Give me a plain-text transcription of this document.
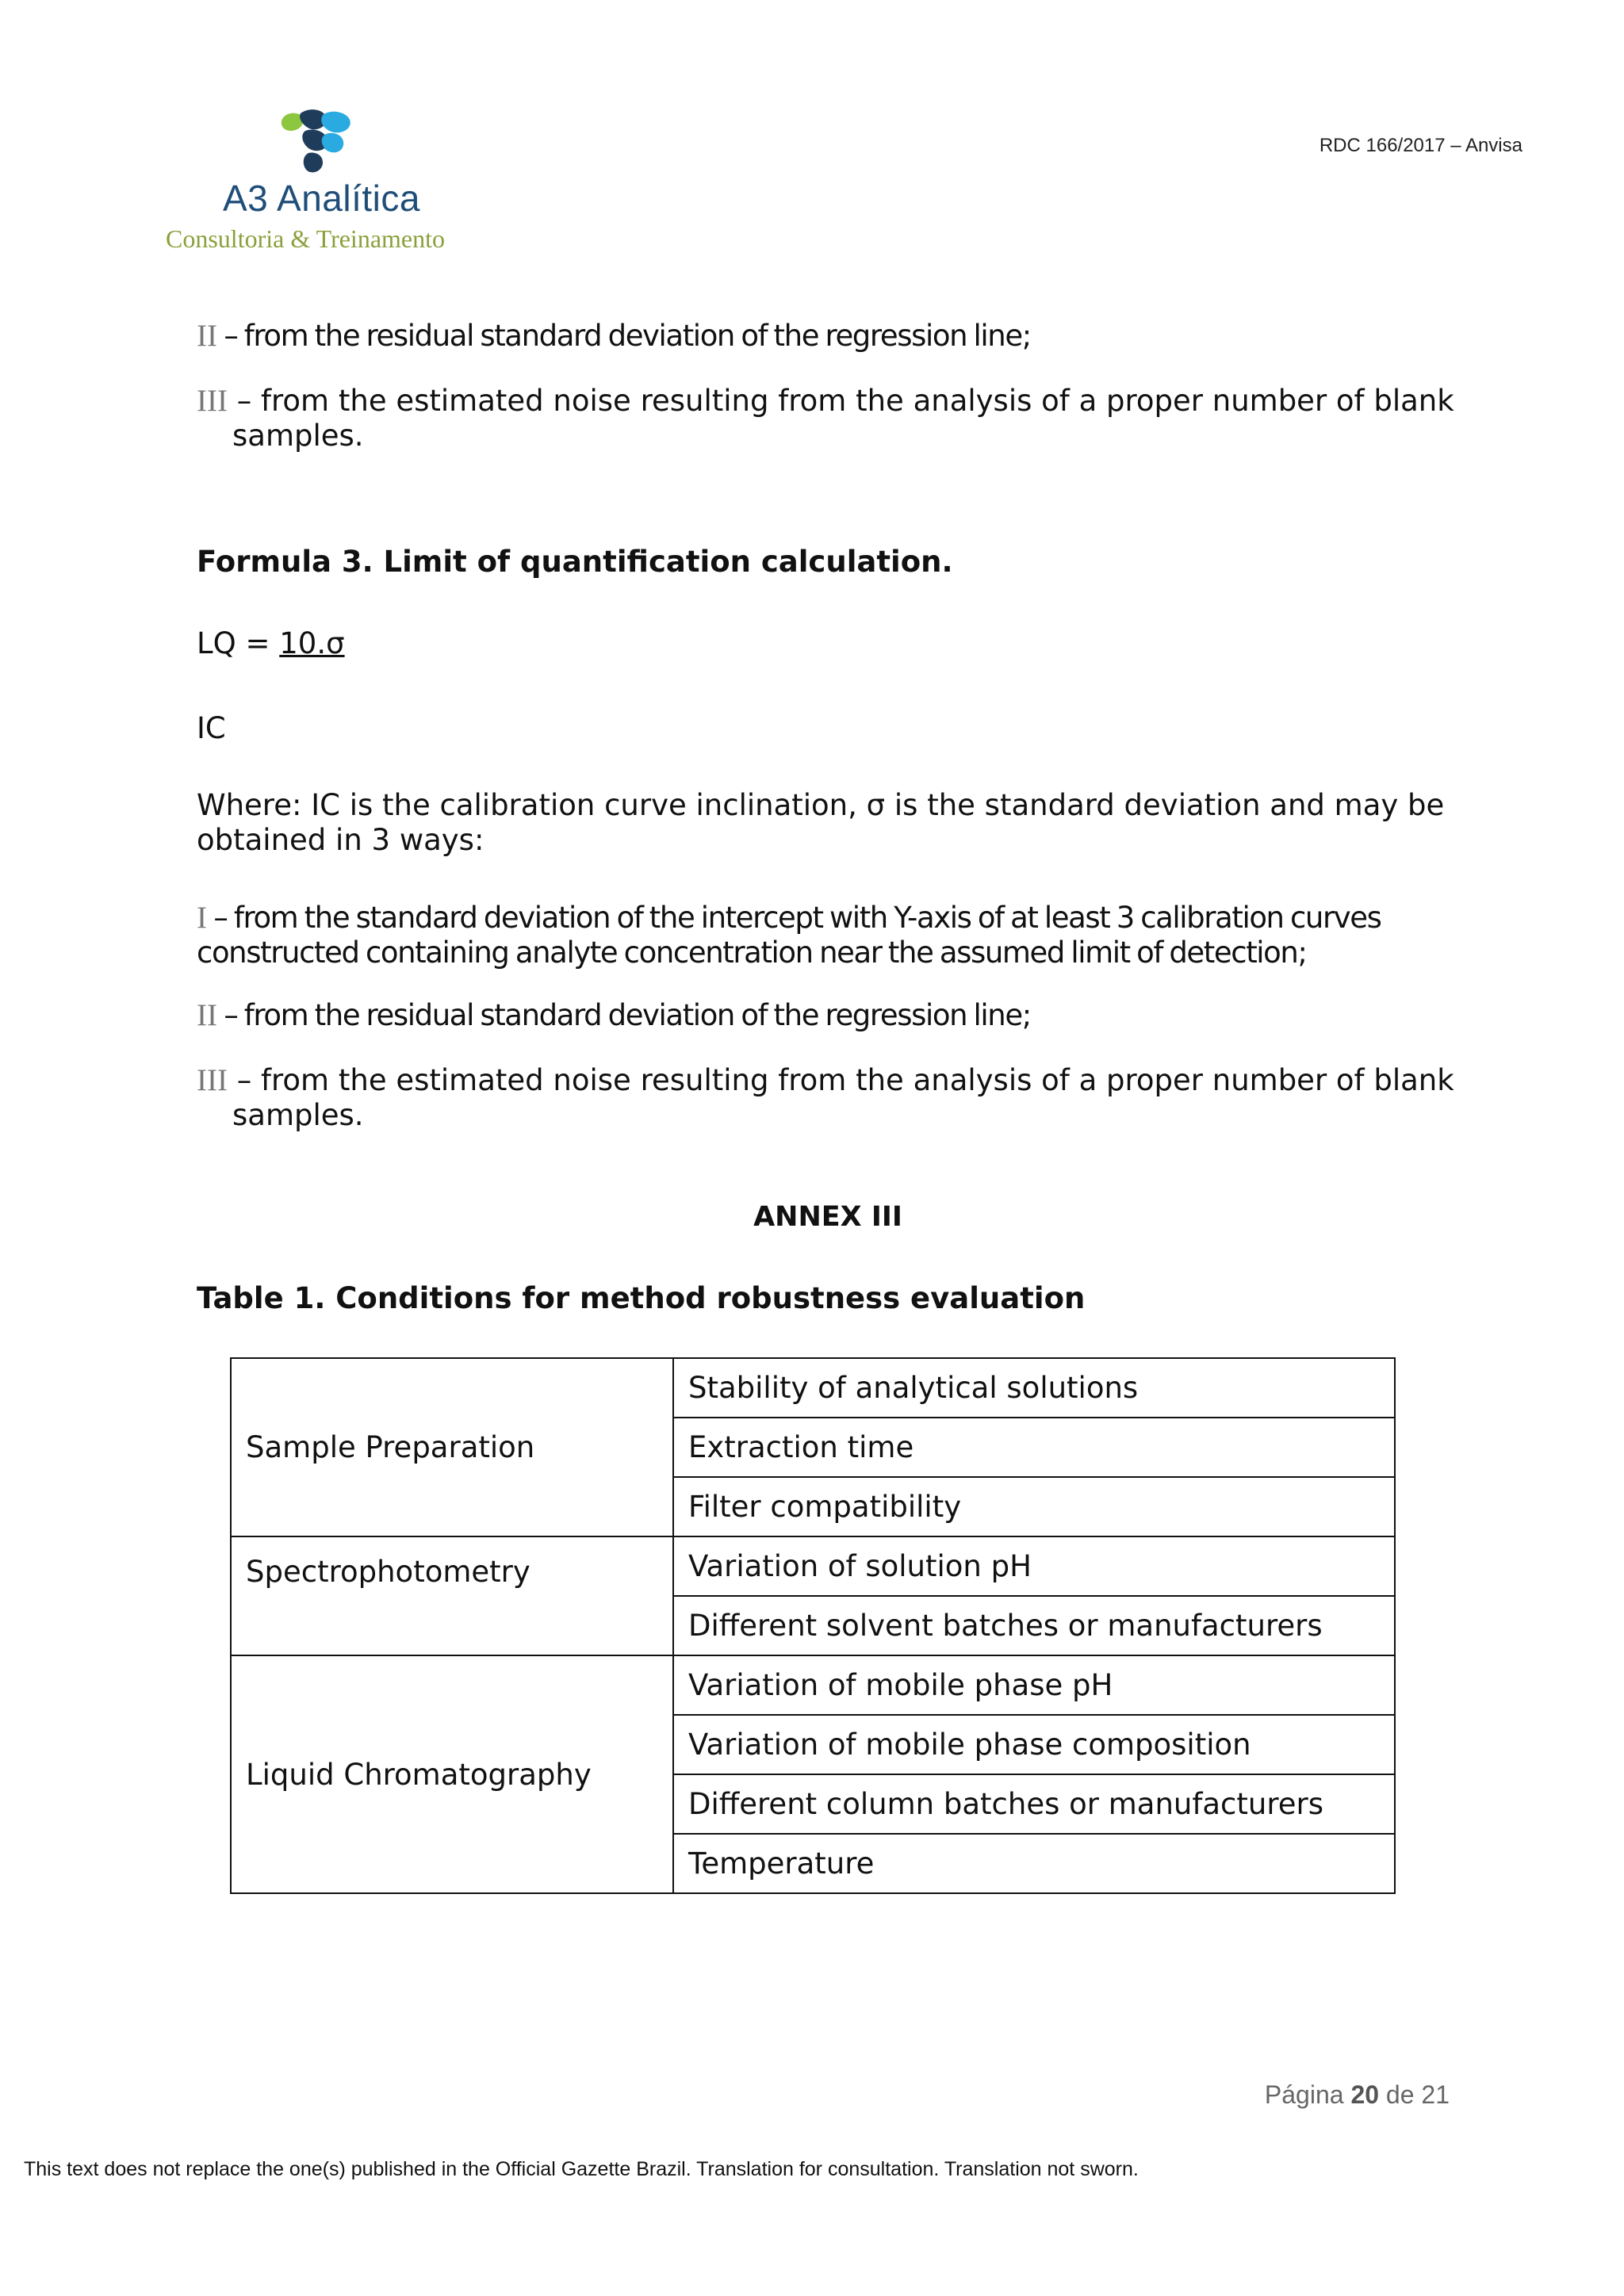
A3 Analítica
Consultoria & Treinamento
RDC 166/2017 – Anvisa
II – from the residual standard deviation of the regression line;
III – from the estimated noise resulting from the analysis of a proper number of blank samples.
Formula 3. Limit of quantification calculation.
LQ = 10.σ
IC
Where: IC is the calibration curve inclination, σ is the standard deviation and may be obtained in 3 ways:
I – from the standard deviation of the intercept with Y-axis of at least 3 calibration curves constructed containing analyte concentration near the assumed limit of detection;
II – from the residual standard deviation of the regression line;
III – from the estimated noise resulting from the analysis of a proper number of blank samples.
ANNEX III
Table 1. Conditions for method robustness evaluation
Sample Preparation	Stability of analytical solutions
	Extraction time
	Filter compatibility
Spectrophotometry	Variation of solution pH
	Different solvent batches or manufacturers
Liquid Chromatography	Variation of mobile phase pH
	Variation of mobile phase composition
	Different column batches or manufacturers
	Temperature
Página 20 de 21
This text does not replace the one(s) published in the Official Gazette Brazil. Translation for consultation. Translation not sworn.
